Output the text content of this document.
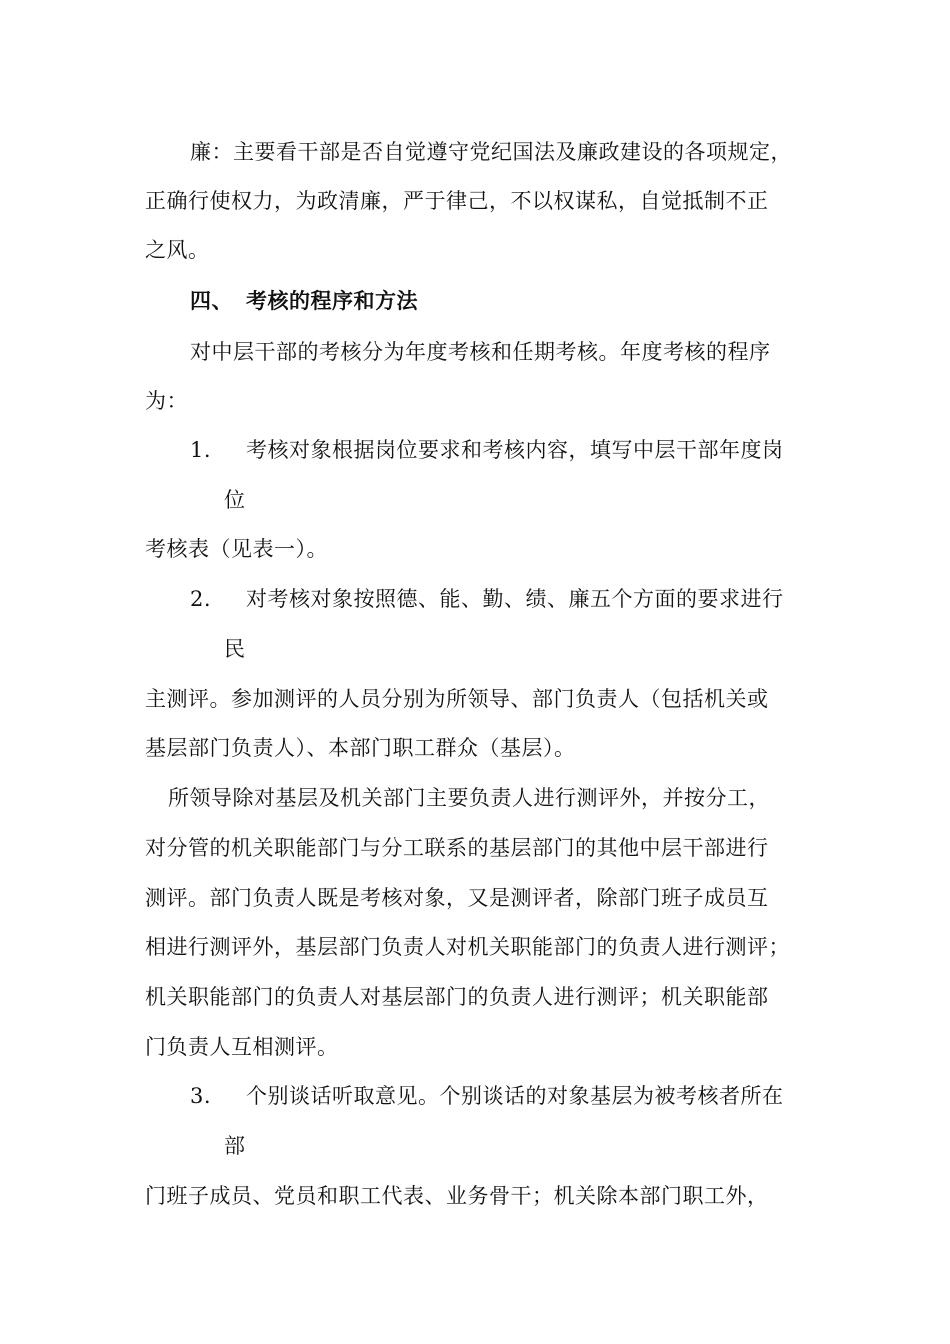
廉：主要看干部是否自觉遵守党纪国法及廉政建设的各项规定，
正确行使权力，为政清廉，严于律己，不以权谋私，自觉抵制不正
之风。
四、 考核的程序和方法
对中层干部的考核分为年度考核和任期考核。年度考核的程序
为：
1. 考核对象根据岗位要求和考核内容，填写中层干部年度岗
位
考核表（见表一）。
2. 对考核对象按照德、能、勤、绩、廉五个方面的要求进行
民
主测评。参加测评的人员分别为所领导、部门负责人（包括机关或
基层部门负责人）、本部门职工群众（基层）。
所领导除对基层及机关部门主要负责人进行测评外，并按分工，
对分管的机关职能部门与分工联系的基层部门的其他中层干部进行
测评。部门负责人既是考核对象，又是测评者，除部门班子成员互
相进行测评外，基层部门负责人对机关职能部门的负责人进行测评；
机关职能部门的负责人对基层部门的负责人进行测评；机关职能部
门负责人互相测评。
3. 个别谈话听取意见。个别谈话的对象基层为被考核者所在
部
门班子成员、党员和职工代表、业务骨干；机关除本部门职工外，
